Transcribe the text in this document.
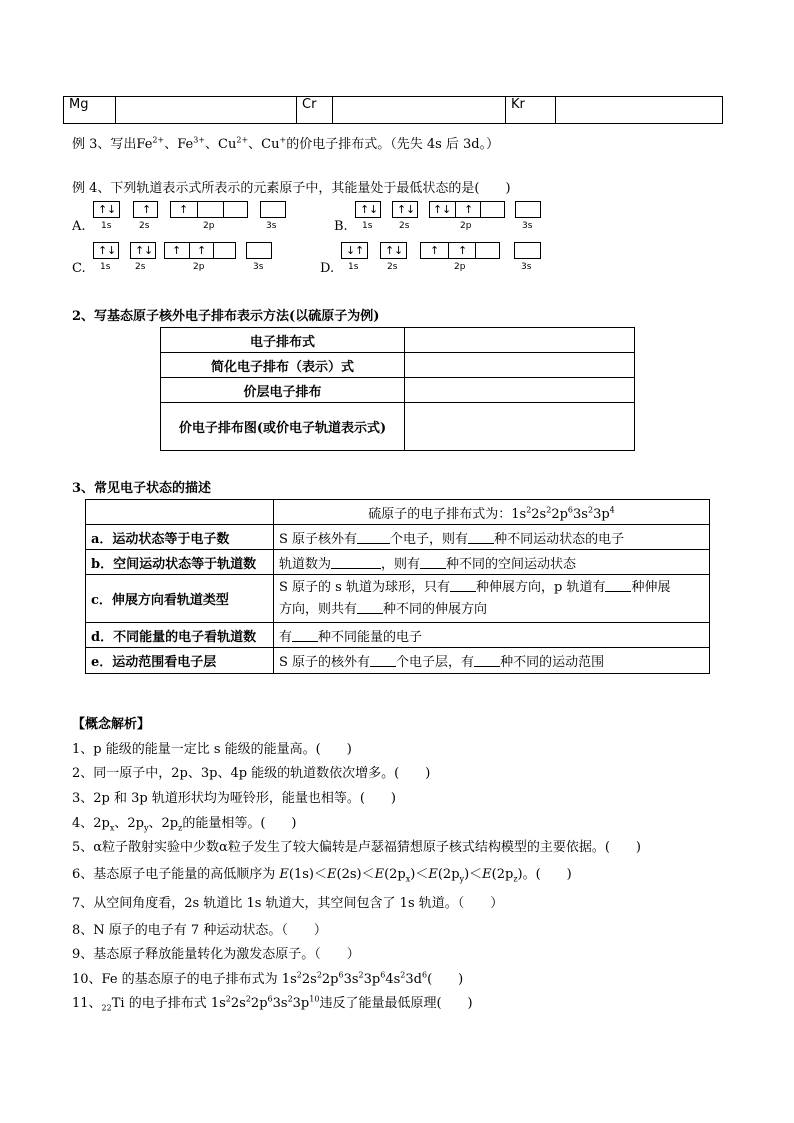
Mg		Cr		Kr	
例 3、写出$Fe^{2+}$、$Fe^{3+}$、$Cu^{2+}$、Cu+的价电子排布式。（先失 4s 后 3d。）
例 4、下列轨道表示式所表示的元素原子中，其能量处于最低状态的是(　　)
A.
↑ ↓ ↑	↑
1s	2s	2p	3s	B.
↑ ↓ ↑ ↓ ↑ ↓ ↑
1s	2s	2p	3s
C.
↑ ↓ ↑ ↓ ↑ ↑
1s	2s	2p	3s	D.
↓ ↑ ↑ ↓ ↑ ↑
1s	2s	2p	3s
2、写基态原子核外电子排布表示方法(以硫原子为例)
电子排布式	
简化电子排布（表示）式	
价层电子排布	
价电子排布图(或价电子轨道表示式)	
3、常见电子状态的描述
	硫原子的电子排布式为：$1s^22s^22p^63s^23p^4$
a．运动状态等于电子数	S 原子核外有 个电子，则有 种不同运动状态的电子
b．空间运动状态等于轨道数	轨道数为 ，则有 种不同的空间运动状态
c．伸展方向看轨道类型	S 原子的 s 轨道为球形，只有 种伸展方向，p 轨道有 种伸展
方向，则共有 种不同的伸展方向
d．不同能量的电子看轨道数	有 种不同能量的电子
e．运动范围看电子层	S 原子的核外有 个电子层，有 种不同的运动范围
【概念解析】
1、p 能级的能量一定比 s 能级的能量高。(　　)
2、同一原子中，2p、3p、4p 能级的轨道数依次增多。(　　)
3、2p 和 3p 轨道形状均为哑铃形，能量也相等。(　　)
4、$2p_x$、$2p_y$、$2p_z$的能量相等。(　　)
5、α粒子散射实验中少数α粒子发生了较大偏转是卢瑟福猜想原子核式结构模型的主要依据。(　　)
6、基态原子电子能量的高低顺序为 $E(1s)<E(2s)<E(2p_x)<E(2p_y)<E(2p_z)$。(　　)
7、从空间角度看，2s 轨道比 1s 轨道大，其空间包含了 1s 轨道。（　　）
8、N 原子的电子有 7 种运动状态。（　　）
9、基态原子释放能量转化为激发态原子。（　　）
10、Fe 的基态原子的电子排布式为 $1s^22s^22p^63s^23p^64s^23d^6$(　　)
11、$_{22}$Ti 的电子排布式 $1s^22s^22p^63s^23p^{10}$违反了能量最低原理(　　)
